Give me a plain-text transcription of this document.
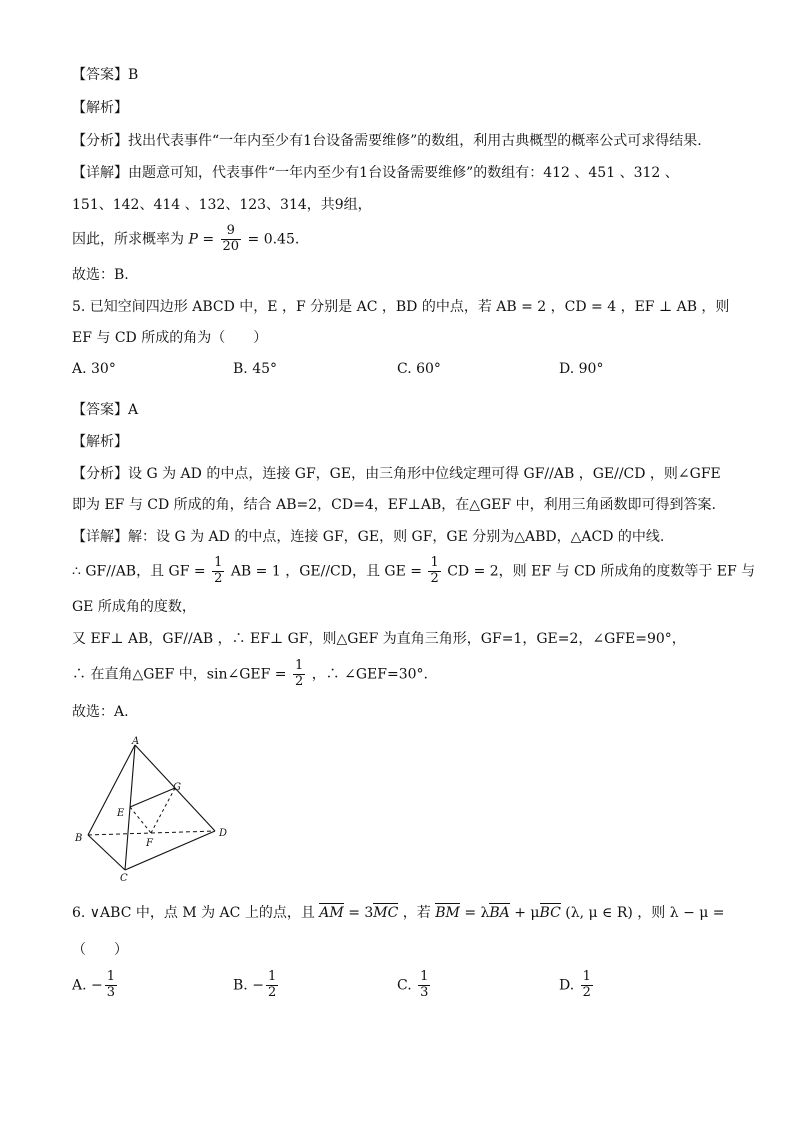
【答案】B
【解析】
【分析】找出代表事件“一年内至少有1台设备需要维修”的数组，利用古典概型的概率公式可求得结果.
【详解】由题意可知，代表事件“一年内至少有1台设备需要维修”的数组有：412 、451 、312 、
151、142、414 、132、123、314，共9组，
因此，所求概率为 $P = \frac{9}{20} = 0.45$.
故选：B.
5. 已知空间四边形 ABCD 中，E ，F 分别是 AC ，BD 的中点，若 AB = 2 ，CD = 4 ，EF ⊥ AB ，则
EF 与 CD 所成的角为（　　）
A. 30°	B. 45°	C. 60°	D. 90°
【答案】A
【解析】
【分析】设 G 为 AD 的中点，连接 GF，GE，由三角形中位线定理可得 GF//AB ，GE//CD ，则∠GFE
即为 EF 与 CD 所成的角，结合 AB=2，CD=4，EF⊥AB，在△GEF 中，利用三角函数即可得到答案.
【详解】解：设 G 为 AD 的中点，连接 GF，GE，则 GF，GE 分别为△ABD，△ACD 的中线.
∴ GF//AB，且 GF = $\frac{1}{2}$ AB = 1 ，GE//CD，且 GE = $\frac{1}{2}$ CD = 2，则 EF 与 CD 所成角的度数等于 EF 与
GE 所成角的度数，
又 EF⊥ AB，GF//AB ，∴ EF⊥ GF，则△GEF 为直角三角形，GF=1，GE=2，∠GFE=90°，
∴ 在直角△GEF 中，sin∠GEF = $\frac{1}{2}$ ，∴ ∠GEF=30°.
故选：A.
A
B
C
D
E
F
G
6. ∨ABC 中，点 M 为 AC 上的点，且 AM = 3MC ，若 BM = λBA + μBC (λ, μ ∈ R) ，则 λ − μ =
（　　）
A. − $\frac{1}{3}$	B. − $\frac{1}{2}$	C. $\frac{1}{3}$	D. $\frac{1}{2}$
